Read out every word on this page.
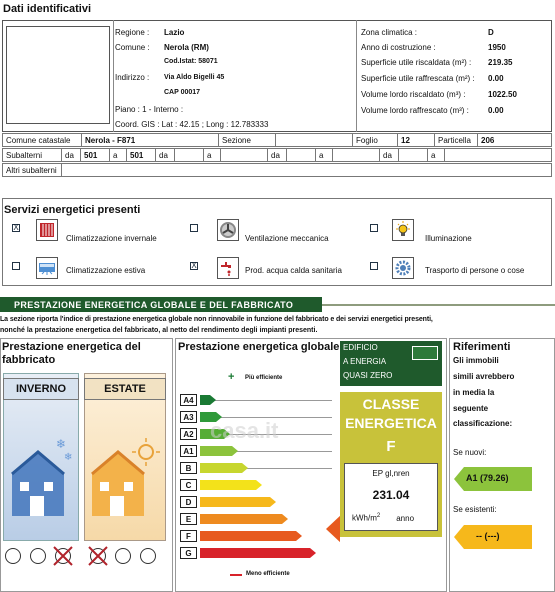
Dati identificativi
Regione : Lazio
Comune : Nerola (RM)
Cod.Istat: 58071
Indirizzo : Via Aldo Bigelli 45
CAP 00017
Piano : 1 - Interno :
Coord. GIS : Lat : 42.15 ; Long : 12.783333
Zona climatica :	D
Anno di costruzione :	1950
Superficie utile riscaldata (m²) : 219.35
Superficie utile raffrescata (m²) : 0.00
Volume lordo riscaldato (m³) :	1022.50
Volume lordo raffrescato (m³) : 0.00
Comune catastale	Nerola - F871	Sezione		Foglio	12	Particella	206
Subalterni	da	501	a	501	da		a		da		a		da		a	
Altri subalterni	
Servizi energetici presenti
X
Climatizzazione invernale	Ventilazione meccanica	Illuminazione
Climatizzazione estiva
X
Prod. acqua calda sanitaria	Trasporto di persone o cose
PRESTAZIONE ENERGETICA GLOBALE E DEL FABBRICATO
La sezione riporta l'indice di prestazione energetica globale non rinnovabile in funzione del fabbricato e dei servizi energetici presenti,
nonché la prestazione energetica del fabbricato, al netto del rendimento degli impianti presenti.
Prestazione energetica del
fabbricato
INVERNO
❄
❄
ESTATE
Prestazione energetica globale EDIFICIO
A ENERGIA
QUASI ZERO
+ Più efficiente
A4
A3
A2
A1
B
C
D
E
F
G
Meno efficiente
CLASSE
ENERGETICA
F
EP gl,nren
231.04
kWh/$m^2$ anno
casa.it
Riferimenti
Gli immobili
simili avrebbero
in media la
seguente
classificazione:
Se nuovi:
A1 (79.26)
Se esistenti:
-- (---)
